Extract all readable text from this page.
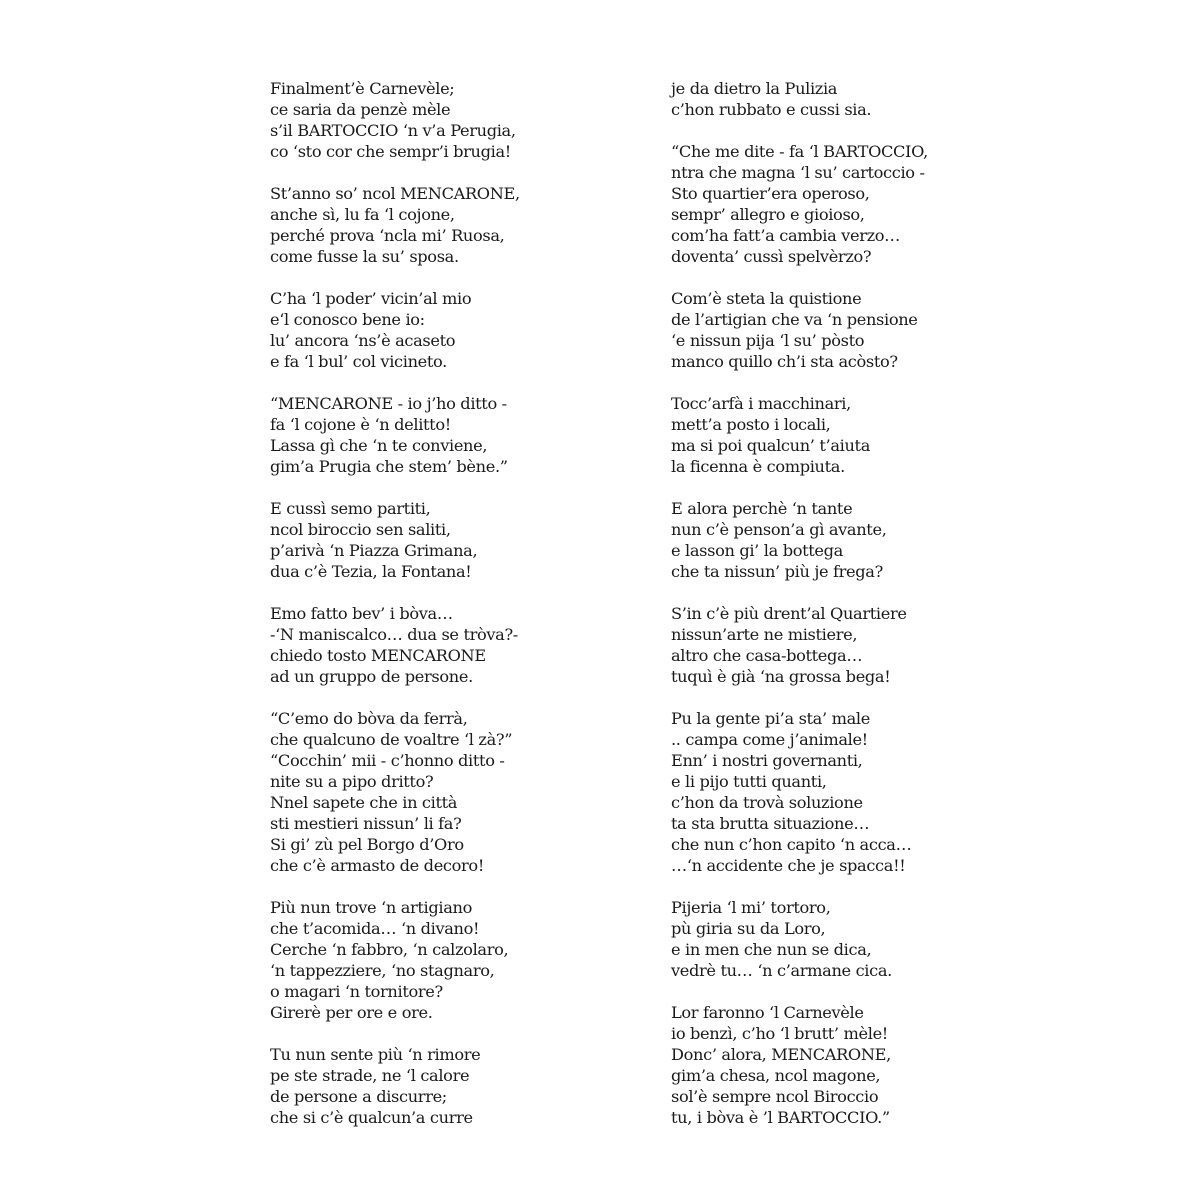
Finalment’è Carnevèle;
ce saria da penzè mèle
s’il BARTOCCIO ‘n v’a Perugia,
co ‘sto cor che sempr’i brugia!
St’anno so’ ncol MENCARONE,
anche sì, lu fa ‘l cojone,
perché prova ‘ncla mi’ Ruosa,
come fusse la su’ sposa.
C’ha ‘l poder’ vicin’al mio
e‘l conosco bene io:
lu’ ancora ‘ns’è acaseto
e fa ‘l bul’ col vicineto.
“MENCARONE - io j’ho ditto -
fa ‘l cojone è ‘n delitto!
Lassa gì che ‘n te conviene,
gim’a Prugia che stem’ bène.”
E cussì semo partiti,
ncol biroccio sen saliti,
p’arivà ‘n Piazza Grimana,
dua c’è Tezia, la Fontana!
Emo fatto bev’ i bòva…
-‘N maniscalco… dua se tròva?-
chiedo tosto MENCARONE
ad un gruppo de persone.
“C’emo do bòva da ferrà,
che qualcuno de voaltre ‘l zà?”
“Cocchin’ mii - c’honno ditto -
nite su a pipo dritto?
Nnel sapete che in città
sti mestieri nissun’ li fa?
Si gi’ zù pel Borgo d’Oro
che c’è armasto de decoro!
Più nun trove ‘n artigiano
che t’acomida… ‘n divano!
Cerche ‘n fabbro, ‘n calzolaro,
‘n tappezziere, ‘no stagnaro,
o magari ‘n tornitore?
Girerè per ore e ore.
Tu nun sente più ‘n rimore
pe ste strade, ne ‘l calore
de persone a discurre;
che si c’è qualcun’a curre
je da dietro la Pulizia
c’hon rubbato e cussi sia.
“Che me dite - fa ‘l BARTOCCIO,
ntra che magna ‘l su’ cartoccio -
Sto quartier’era operoso,
sempr’ allegro e gioioso,
com’ha fatt’a cambia verzo…
doventa’ cussì spelvèrzo?
Com’è steta la quistione
de l’artigian che va ‘n pensione
‘e nissun pija ‘l su’ pòsto
manco quillo ch’i sta acòsto?
Tocc’arfà i macchinari,
mett’a posto i locali,
ma si poi qualcun’ t’aiuta
la ficenna è compiuta.
E alora perchè ‘n tante
nun c’è penson’a gì avante,
e lasson gi’ la bottega
che ta nissun’ più je frega?
S’in c’è più drent’al Quartiere
nissun’arte ne mistiere,
altro che casa-bottega…
tuquì è già ‘na grossa bega!
Pu la gente pi’a sta’ male
.. campa come j’animale!
Enn’ i nostri governanti,
e li pijo tutti quanti,
c’hon da trovà soluzione
ta sta brutta situazione…
che nun c’hon capito ‘n acca…
…‘n accidente che je spacca!!
Pijeria ‘l mi’ tortoro,
pù giria su da Loro,
e in men che nun se dica,
vedrè tu… ‘n c’armane cica.
Lor faronno ‘l Carnevèle
io benzì, c’ho ‘l brutt’ mèle!
Donc’ alora, MENCARONE,
gim’a chesa, ncol magone,
sol’è sempre ncol Biroccio
tu, i bòva è ’l BARTOCCIO.”
